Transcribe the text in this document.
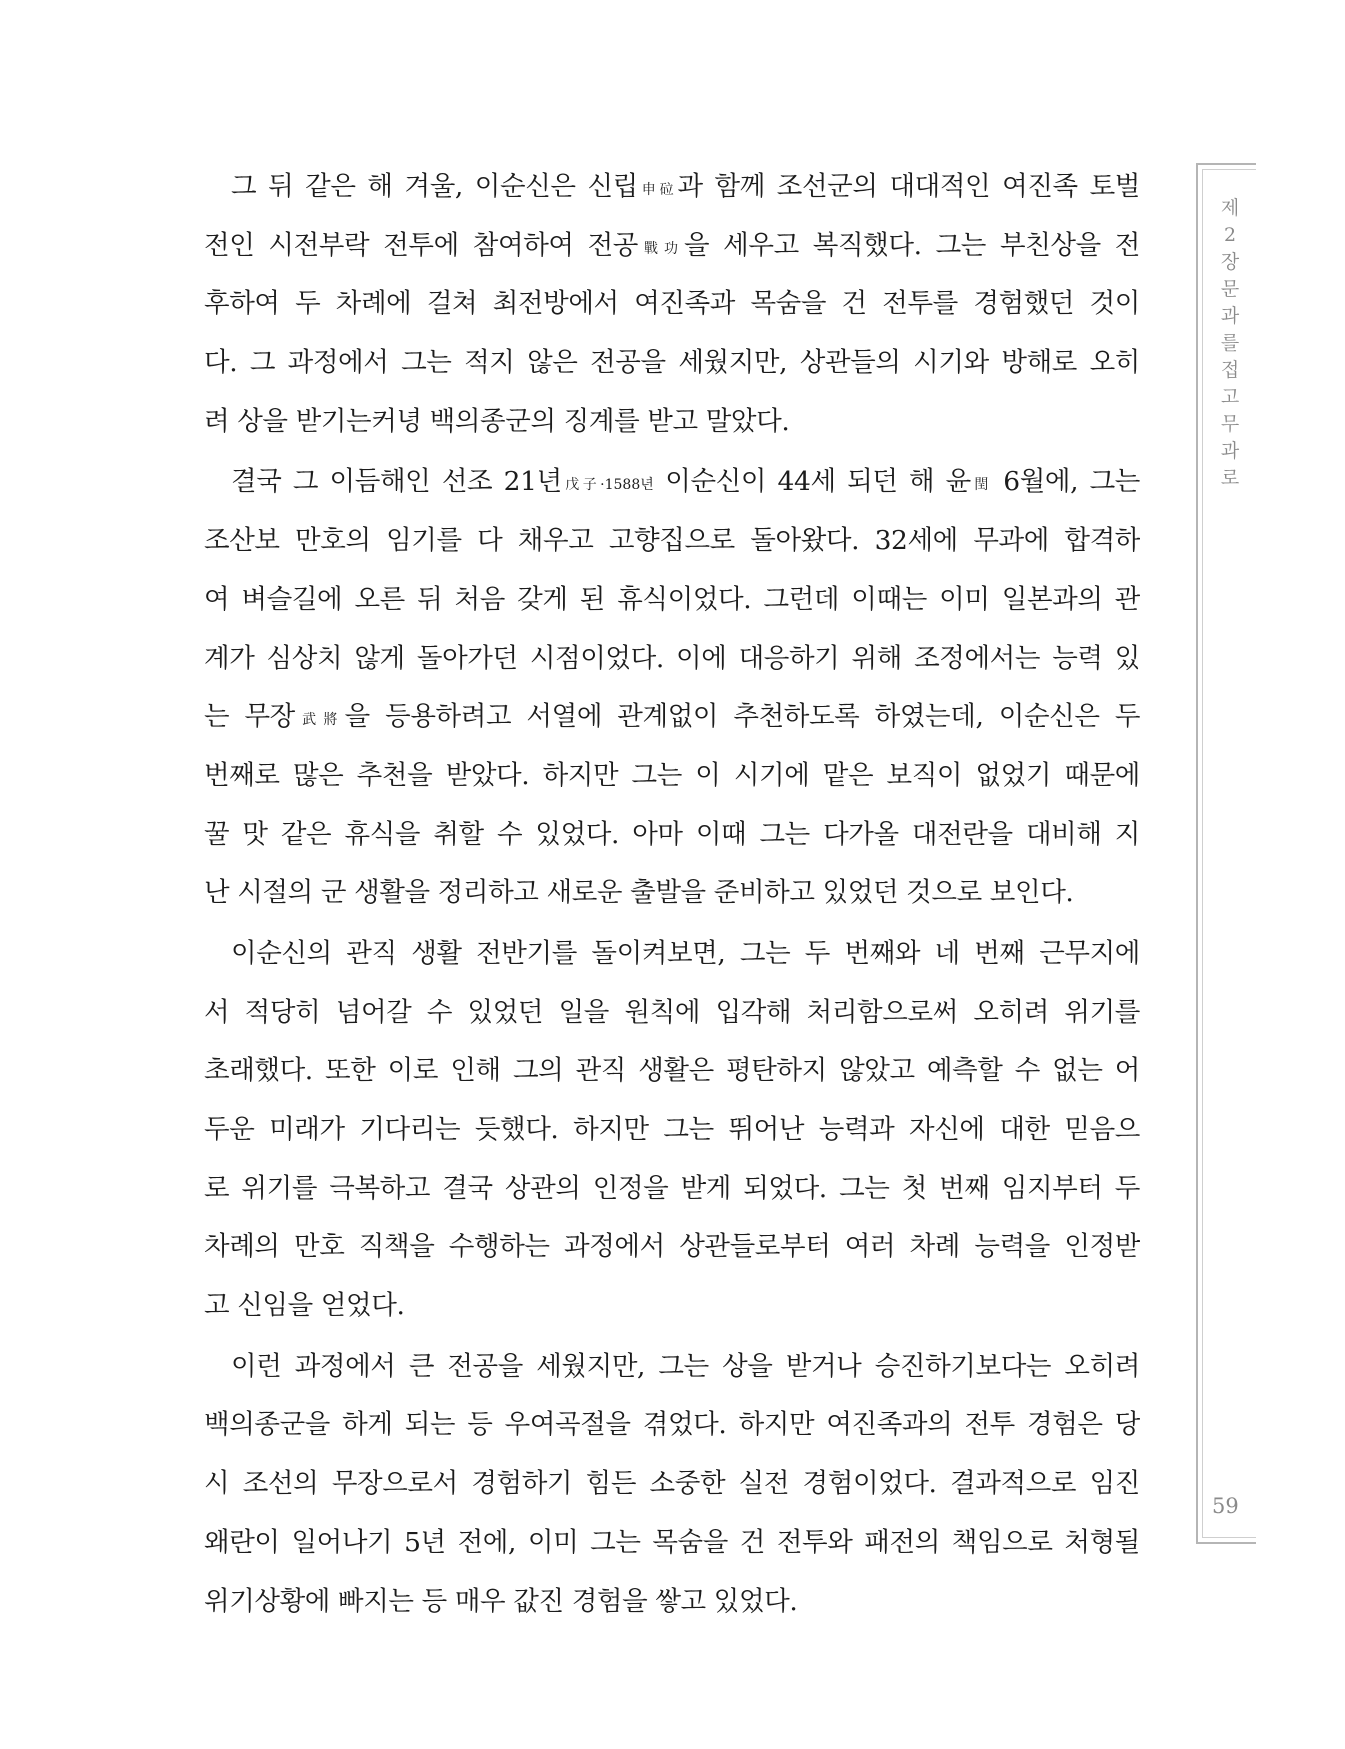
그 뒤 같은 해 겨울, 이순신은 신립申砬과 함께 조선군의 대대적인 여진족 토벌
전인 시전부락 전투에 참여하여 전공戰功을 세우고 복직했다. 그는 부친상을 전
후하여 두 차례에 걸쳐 최전방에서 여진족과 목숨을 건 전투를 경험했던 것이
다. 그 과정에서 그는 적지 않은 전공을 세웠지만, 상관들의 시기와 방해로 오히
려 상을 받기는커녕 백의종군의 징계를 받고 말았다.
결국 그 이듬해인 선조 21년戊子·1588년 이순신이 44세 되던 해 윤閏 6월에, 그는
조산보 만호의 임기를 다 채우고 고향집으로 돌아왔다. 32세에 무과에 합격하
여 벼슬길에 오른 뒤 처음 갖게 된 휴식이었다. 그런데 이때는 이미 일본과의 관
계가 심상치 않게 돌아가던 시점이었다. 이에 대응하기 위해 조정에서는 능력 있
는 무장武將을 등용하려고 서열에 관계없이 추천하도록 하였는데, 이순신은 두
번째로 많은 추천을 받았다. 하지만 그는 이 시기에 맡은 보직이 없었기 때문에
꿀 맛 같은 휴식을 취할 수 있었다. 아마 이때 그는 다가올 대전란을 대비해 지
난 시절의 군 생활을 정리하고 새로운 출발을 준비하고 있었던 것으로 보인다.
이순신의 관직 생활 전반기를 돌이켜보면, 그는 두 번째와 네 번째 근무지에
서 적당히 넘어갈 수 있었던 일을 원칙에 입각해 처리함으로써 오히려 위기를
초래했다. 또한 이로 인해 그의 관직 생활은 평탄하지 않았고 예측할 수 없는 어
두운 미래가 기다리는 듯했다. 하지만 그는 뛰어난 능력과 자신에 대한 믿음으
로 위기를 극복하고 결국 상관의 인정을 받게 되었다. 그는 첫 번째 임지부터 두
차례의 만호 직책을 수행하는 과정에서 상관들로부터 여러 차례 능력을 인정받
고 신임을 얻었다.
이런 과정에서 큰 전공을 세웠지만, 그는 상을 받거나 승진하기보다는 오히려
백의종군을 하게 되는 등 우여곡절을 겪었다. 하지만 여진족과의 전투 경험은 당
시 조선의 무장으로서 경험하기 힘든 소중한 실전 경험이었다. 결과적으로 임진
왜란이 일어나기 5년 전에, 이미 그는 목숨을 건 전투와 패전의 책임으로 처형될
위기상황에 빠지는 등 매우 값진 경험을 쌓고 있었다.
제2장 문과를 접고 무과로
59
